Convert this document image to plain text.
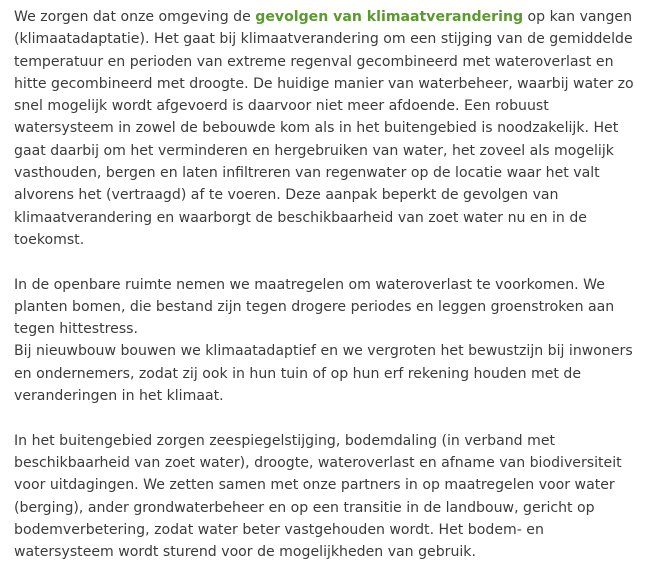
We zorgen dat onze omgeving de gevolgen van klimaatverandering op kan vangen (klimaatadaptatie). Het gaat bij klimaatverandering om een stijging van de gemiddelde temperatuur en perioden van extreme regenval gecombineerd met wateroverlast en hitte gecombineerd met droogte. De huidige manier van waterbeheer, waarbij water zo snel mogelijk wordt afgevoerd is daarvoor niet meer afdoende. Een robuust watersysteem in zowel de bebouwde kom als in het buitengebied is noodzakelijk. Het gaat daarbij om het verminderen en hergebruiken van water, het zoveel als mogelijk vasthouden, bergen en laten infiltreren van regenwater op de locatie waar het valt alvorens het (vertraagd) af te voeren. Deze aanpak beperkt de gevolgen van klimaatverandering en waarborgt de beschikbaarheid van zoet water nu en in de toekomst.

In de openbare ruimte nemen we maatregelen om wateroverlast te voorkomen. We planten bomen, die bestand zijn tegen drogere periodes en leggen groenstroken aan tegen hittestress.
Bij nieuwbouw bouwen we klimaatadaptief en we vergroten het bewustzijn bij inwoners en ondernemers, zodat zij ook in hun tuin of op hun erf rekening houden met de veranderingen in het klimaat.

In het buitengebied zorgen zeespiegelstijging, bodemdaling (in verband met beschikbaarheid van zoet water), droogte, wateroverlast en afname van biodiversiteit voor uitdagingen. We zetten samen met onze partners in op maatregelen voor water (berging), ander grondwaterbeheer en op een transitie in de landbouw, gericht op bodemverbetering, zodat water beter vastgehouden wordt. Het bodem- en watersysteem wordt sturend voor de mogelijkheden van gebruik.
